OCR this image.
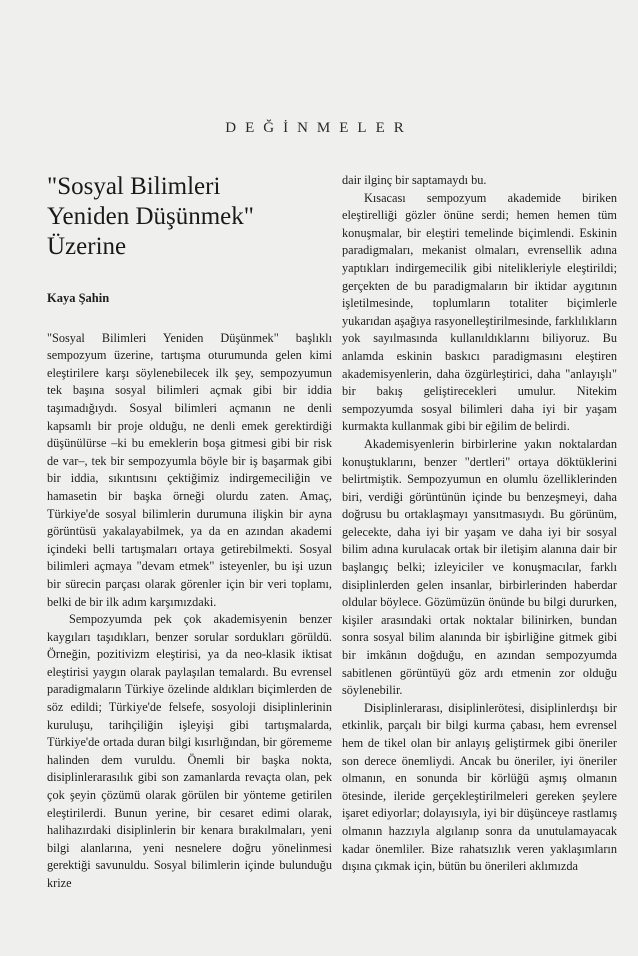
DEĞİNMELER
"Sosyal Bilimleri
Yeniden Düşünmek"
Üzerine
Kaya Şahin

"Sosyal Bilimleri Yeniden Düşünmek" başlıklı sempozyum üzerine, tartışma oturumunda gelen kimi eleştirilere karşı söylenebilecek ilk şey, sempozyumun tek başına sosyal bilimleri açmak gibi bir iddia taşımadığıydı. Sosyal bilimleri açmanın ne denli kapsamlı bir proje olduğu, ne denli emek gerektirdiği düşünülürse –ki bu emeklerin boşa gitmesi gibi bir risk de var–, tek bir sempozyumla böyle bir iş başarmak gibi bir iddia, sıkıntısını çektiğimiz indirgemeciliğin ve hamasetin bir başka örneği olurdu zaten. Amaç, Türkiye'de sosyal bilimlerin durumuna ilişkin bir ayna görüntüsü yakalayabilmek, ya da en azından akademi içindeki belli tartışmaları ortaya getirebilmekti. Sosyal bilimleri açmaya "devam etmek" isteyenler, bu işi uzun bir sürecin parçası olarak görenler için bir veri toplamı, belki de bir ilk adım karşımızdaki.

Sempozyumda pek çok akademisyenin benzer kaygıları taşıdıkları, benzer sorular sordukları görüldü. Örneğin, pozitivizm eleştirisi, ya da neo-klasik iktisat eleştirisi yaygın olarak paylaşılan temalardı. Bu evrensel paradigmaların Türkiye özelinde aldıkları biçimlerden de söz edildi; Türkiye'de felsefe, sosyoloji disiplinlerinin kuruluşu, tarihçiliğin işleyişi gibi tartışmalarda, Türkiye'de ortada duran bilgi kısırlığından, bir görememe halinden dem vuruldu. Önemli bir başka nokta, disiplinlerarasılık gibi son zamanlarda revaçta olan, pek çok şeyin çözümü olarak görülen bir yönteme getirilen eleştirilerdi. Bunun yerine, bir cesaret edimi olarak, halihazırdaki disiplinlerin bir kenara bırakılmaları, yeni bilgi alanlarına, yeni nesnelere doğru yönelinmesi gerektiği savunuldu. Sosyal bilimlerin içinde bulunduğu krize

dair ilginç bir saptamaydı bu.

Kısacası sempozyum akademide biriken eleştirelliği gözler önüne serdi; hemen hemen tüm konuşmalar, bir eleştiri temelinde biçimlendi. Eskinin paradigmaları, mekanist olmaları, evrensellik adına yaptıkları indirgemecilik gibi nitelikleriyle eleştirildi; gerçekten de bu paradigmaların bir iktidar aygıtının işletilmesinde, toplumların totaliter biçimlerle yukarıdan aşağıya rasyonelleştirilmesinde, farklılıkların yok sayılmasında kullanıldıklarını biliyoruz. Bu anlamda eskinin baskıcı paradigmasını eleştiren akademisyenlerin, daha özgürleştirici, daha "anlayışlı" bir bakış geliştirecekleri umulur. Nitekim sempozyumda sosyal bilimleri daha iyi bir yaşam kurmakta kullanmak gibi bir eğilim de belirdi.

Akademisyenlerin birbirlerine yakın noktalardan konuştuklarını, benzer "dertleri" ortaya döktüklerini belirtmiştik. Sempozyumun en olumlu özelliklerinden biri, verdiği görüntünün içinde bu benzeşmeyi, daha doğrusu bu ortaklaşmayı yansıtmasıydı. Bu görünüm, gelecekte, daha iyi bir yaşam ve daha iyi bir sosyal bilim adına kurulacak ortak bir iletişim alanına dair bir başlangıç belki; izleyiciler ve konuşmacılar, farklı disiplinlerden gelen insanlar, birbirlerinden haberdar oldular böylece. Gözümüzün önünde bu bilgi dururken, kişiler arasındaki ortak noktalar bilinirken, bundan sonra sosyal bilim alanında bir işbirliğine gitmek gibi bir imkânın doğduğu, en azından sempozyumda sabitlenen görüntüyü göz ardı etmenin zor olduğu söylenebilir.

Disiplinlerarası, disiplinlerötesi, disiplinlerdışı bir etkinlik, parçalı bir bilgi kurma çabası, hem evrensel hem de tikel olan bir anlayış geliştirmek gibi öneriler son derece önemliydi. Ancak bu öneriler, iyi öneriler olmanın, en sonunda bir körlüğü aşmış olmanın ötesinde, ileride gerçekleştirilmeleri gereken şeylere işaret ediyorlar; dolayısıyla, iyi bir düşünceye rastlamış olmanın hazzıyla algılanıp sonra da unutulamayacak kadar önemliler. Bize rahatsızlık veren yaklaşımların dışına çıkmak için, bütün bu önerileri aklımızda
